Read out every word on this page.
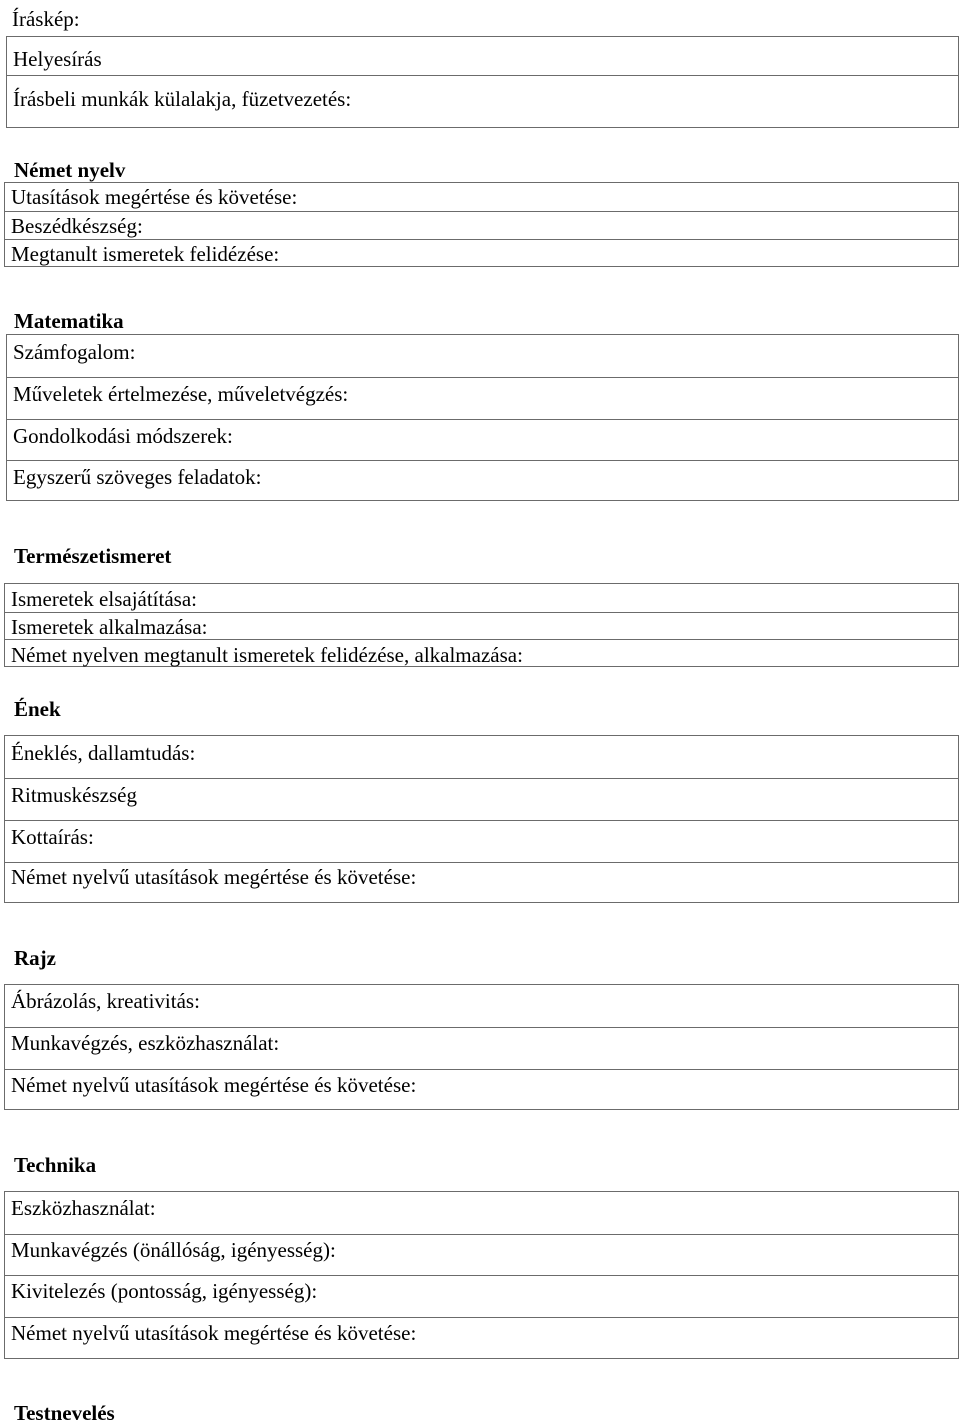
Íráskép:
Helyesírás
Írásbeli munkák külalakja, füzetvezetés:
Német nyelv
Utasítások megértése és követése:
Beszédkészség:
Megtanult ismeretek felidézése:
Matematika
Számfogalom:
Műveletek értelmezése, műveletvégzés:
Gondolkodási módszerek:
Egyszerű szöveges feladatok:
Természetismeret
Ismeretek elsajátítása:
Ismeretek alkalmazása:
Német nyelven megtanult ismeretek felidézése, alkalmazása:
Ének
Éneklés, dallamtudás:
Ritmuskészség
Kottaírás:
Német nyelvű utasítások megértése és követése:
Rajz
Ábrázolás, kreativitás:
Munkavégzés, eszközhasználat:
Német nyelvű utasítások megértése és követése:
Technika
Eszközhasználat:
Munkavégzés (önállóság, igényesség):
Kivitelezés (pontosság, igényesség):
Német nyelvű utasítások megértése és követése:
Testnevelés
